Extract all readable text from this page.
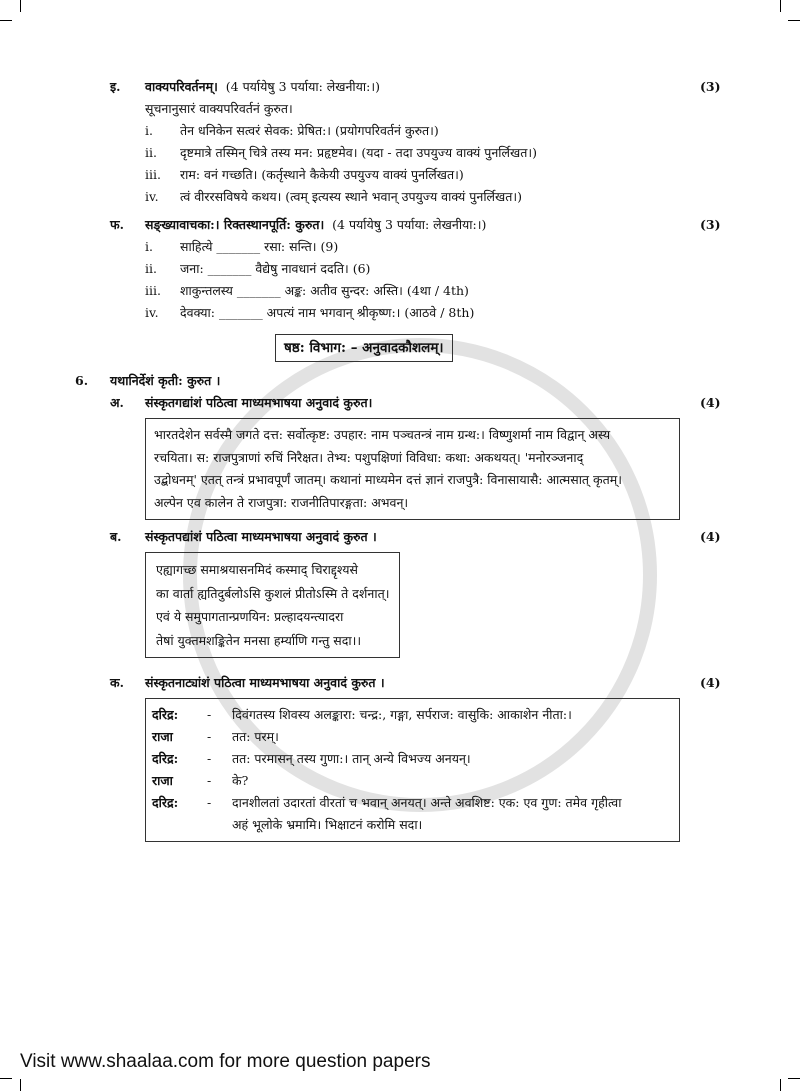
इ.	वाक्यपरिवर्तनम्। (4 पर्यायेषु 3 पर्याया: लेखनीया:।)	(3)
सूचनानुसारं वाक्यपरिवर्तनं कुरुत।
i.	तेन धनिकेन सत्वरं सेवक: प्रेषित:। (प्रयोगपरिवर्तनं कुरुत।)
ii.	दृष्टमात्रे तस्मिन् चित्रे तस्य मन: प्रहृष्टमेव। (यदा - तदा उपयुज्य वाक्यं पुनर्लिखत।)
iii.	राम: वनं गच्छति। (कर्तृस्थाने कैकेयी उपयुज्य वाक्यं पुनर्लिखत।)
iv.	त्वं वीररसविषये कथय। (त्वम् इत्यस्य स्थाने भवान् उपयुज्य वाक्यं पुनर्लिखत।)
फ.	सङ्ख्यावाचका:। रिक्तस्थानपूर्ति: कुरुत। (4 पर्यायेषु 3 पर्याया: लेखनीया:।)	(3)
i.	साहित्ये _______ रसा: सन्ति। (9)
ii.	जना: _______ वैद्येषु नावधानं ददति। (6)
iii.	शाकुन्तलस्य _______ अङ्क: अतीव सुन्दर: अस्ति। (4था / 4th)
iv.	देवक्या: _______ अपत्यं नाम भगवान् श्रीकृष्ण:। (आठवे / 8th)
षष्ठ: विभाग: – अनुवादकौशलम्।
6.	यथानिर्देशं कृती: कुरुत ।
अ.	संस्कृतगद्यांशं पठित्वा माध्यमभाषया अनुवादं कुरुत।	(4)
भारतदेशेन सर्वस्मै जगते दत्त: सर्वोत्कृष्ट: उपहार: नाम पञ्चतन्त्रं नाम ग्रन्थ:। विष्णुशर्मा नाम विद्वान् अस्य
रचयिता। स: राजपुत्राणां रुचिं निरैक्षत। तेभ्य: पशुपक्षिणां विविधा: कथा: अकथयत्। 'मनोरञ्जनाद्
उद्बोधनम्' एतत् तन्त्रं प्रभावपूर्णं जातम्। कथानां माध्यमेन दत्तं ज्ञानं राजपुत्रै: विनासायासै: आत्मसात् कृतम्।
अल्पेन एव कालेन ते राजपुत्रा: राजनीतिपारङ्गता: अभवन्।
ब.	संस्कृतपद्यांशं पठित्वा माध्यमभाषया अनुवादं कुरुत ।	(4)
एह्यागच्छ समाश्रयासनमिदं कस्माद् चिराद्दृश्यसे
का वार्ता ह्यतिदुर्बलोऽसि कुशलं प्रीतोऽस्मि ते दर्शनात्।
एवं ये समुपागतान्प्रणयिन: प्रल्हादयन्त्यादरा
तेषां युक्तमशङ्कितेन मनसा हर्म्याणि गन्तु सदा।।
क.	संस्कृतनाट्यांशं पठित्वा माध्यमभाषया अनुवादं कुरुत ।	(4)
दरिद्र:	-	दिवंगतस्य शिवस्य अलङ्कारा: चन्द्र:, गङ्गा, सर्पराज: वासुकि: आकाशेन नीता:।
राजा	-	तत: परम्।
दरिद्र:	-	तत: परमासन् तस्य गुणा:। तान् अन्ये विभज्य अनयन्।
राजा	-	के?
दरिद्र:	-	दानशीलतां उदारतां वीरतां च भवान् अनयत्। अन्ते अवशिष्ट: एक: एव गुण: तमेव गृहीत्वा
अहं भूलोके भ्रमामि। भिक्षाटनं करोमि सदा।
Visit www.shaalaa.com for more question papers
